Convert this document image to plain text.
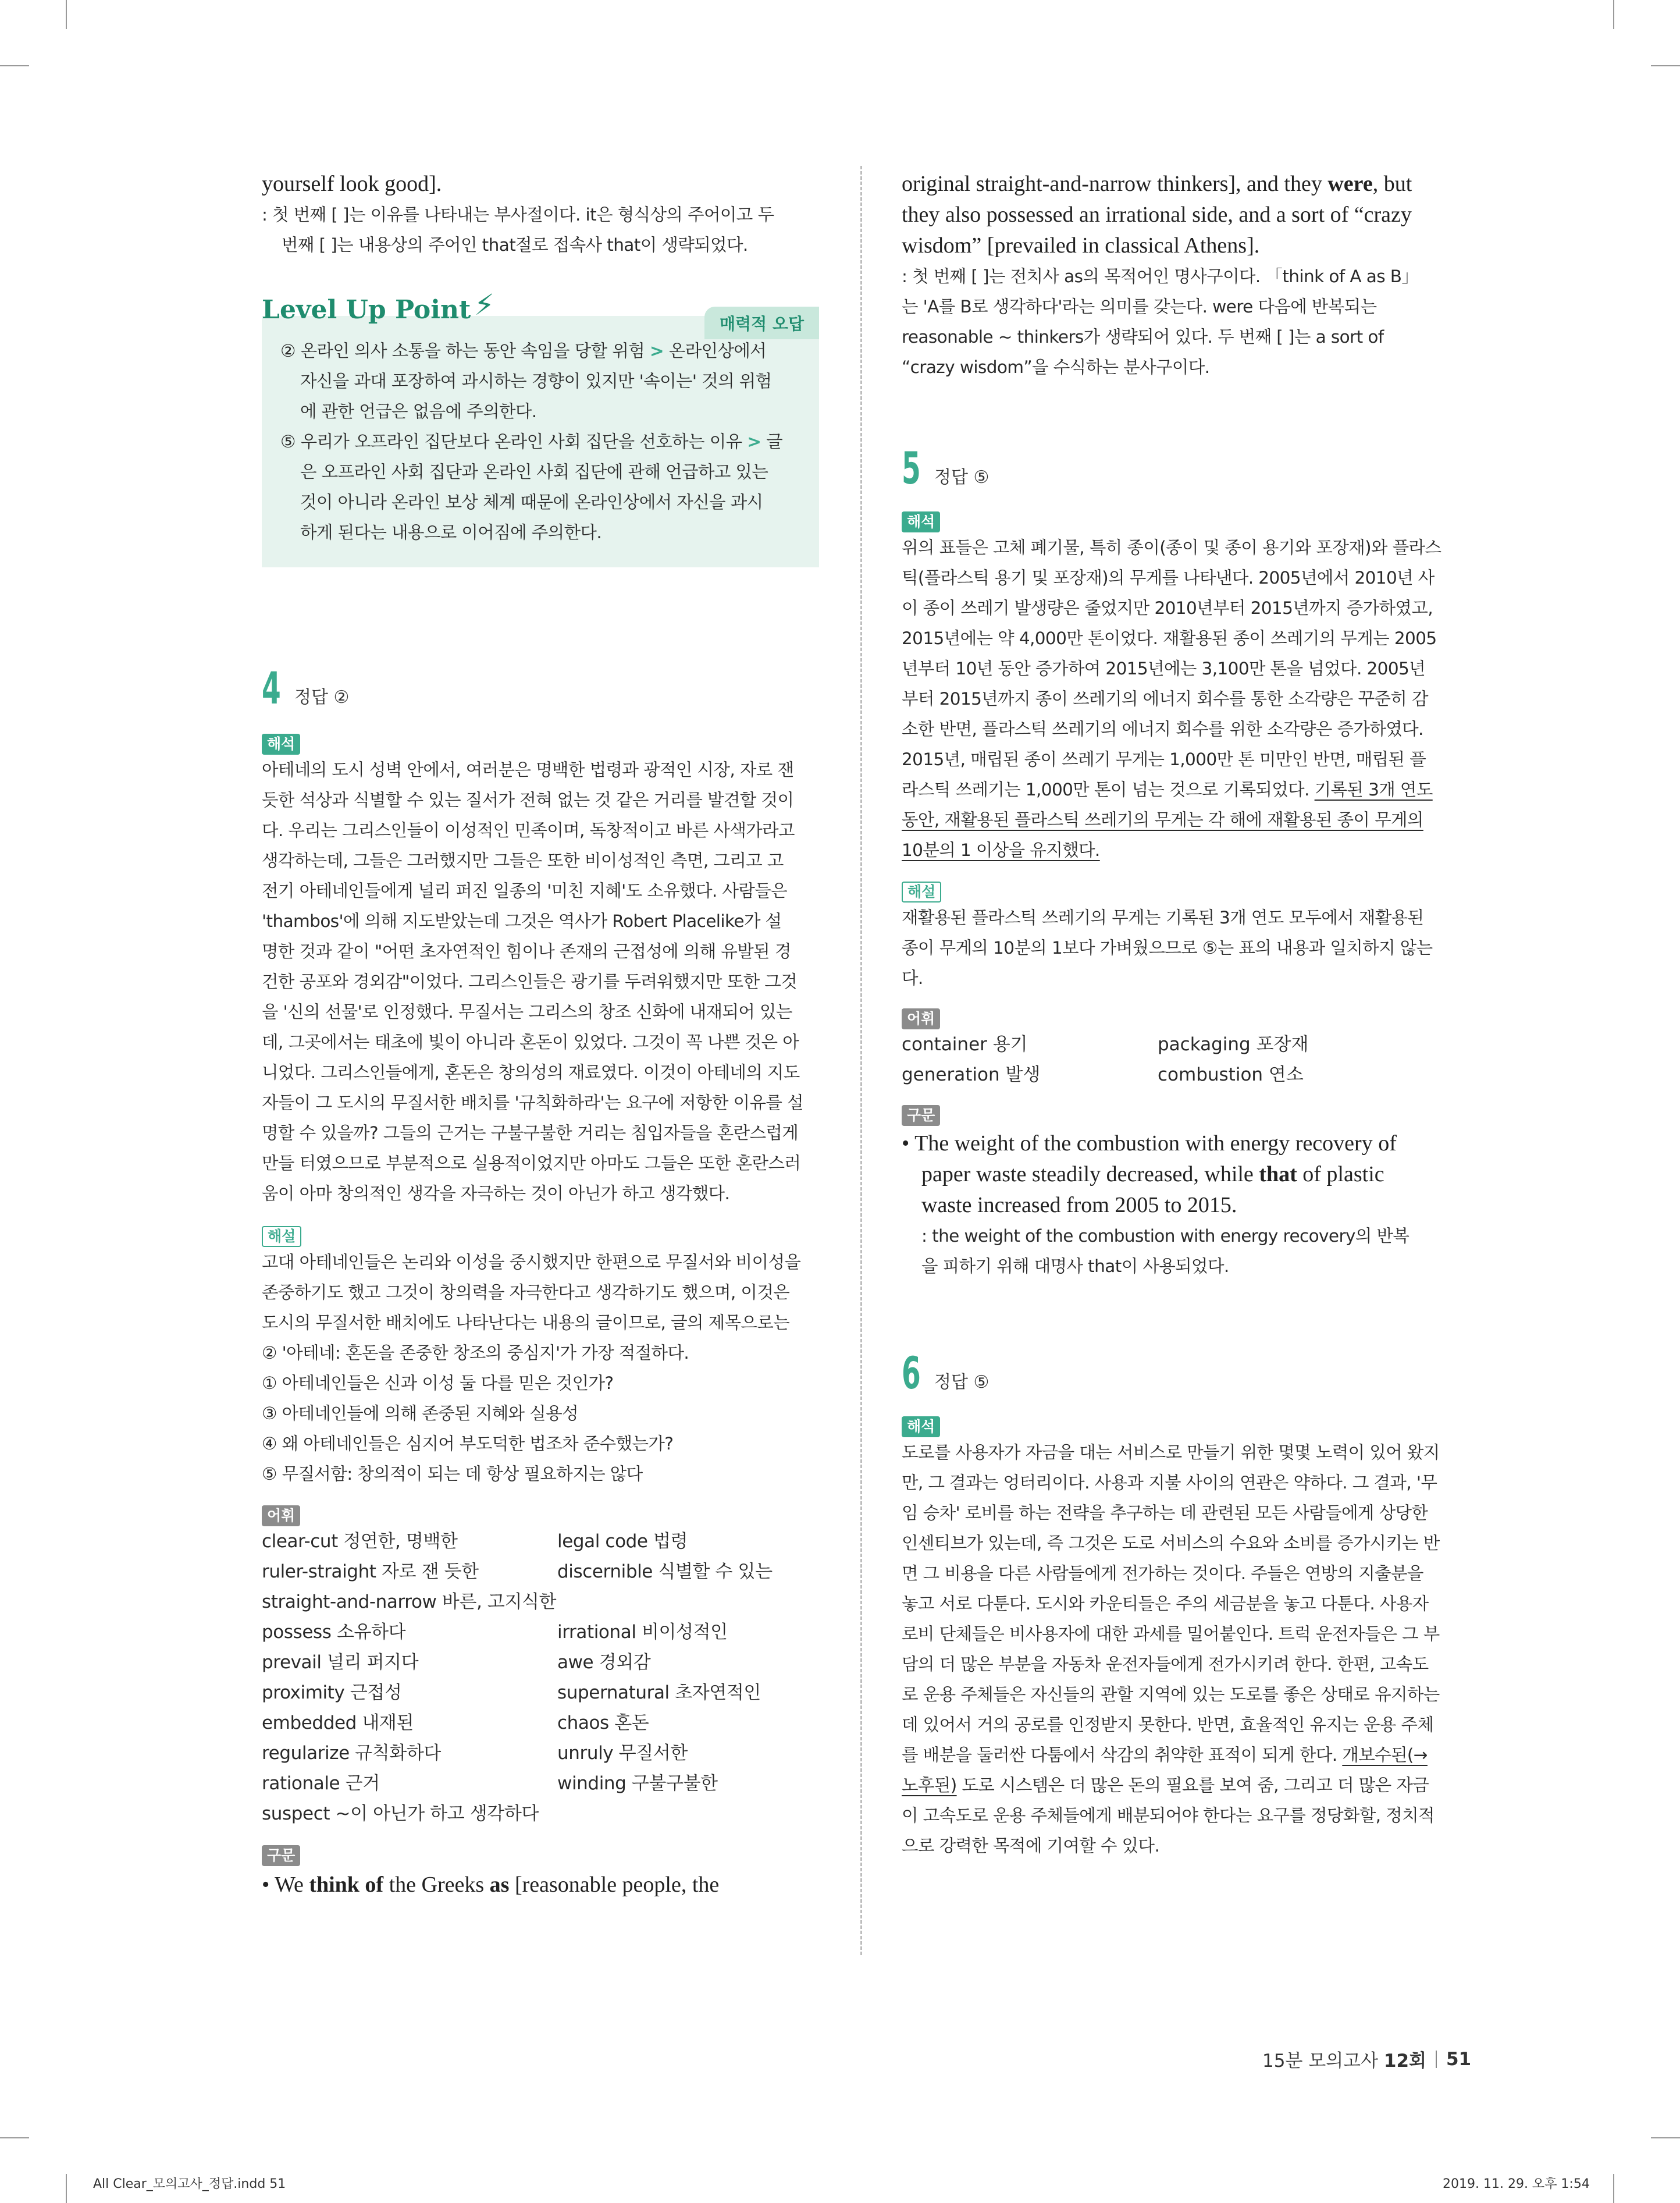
yourself look good].

: 첫 번째 [ ]는 이유를 나타내는 부사절이다. it은 형식상의 주어이고 두

번째 [ ]는 내용상의 주어인 that절로 접속사 that이 생략되었다.

Level Up Point ⚡
매력적 오답
② 온라인 의사 소통을 하는 동안 속임을 당할 위험 > 온라인상에서
자신을 과대 포장하여 과시하는 경향이 있지만 '속이는' 것의 위험
에 관한 언급은 없음에 주의한다.
⑤ 우리가 오프라인 집단보다 온라인 사회 집단을 선호하는 이유 > 글
은 오프라인 사회 집단과 온라인 사회 집단에 관해 언급하고 있는
것이 아니라 온라인 보상 체계 때문에 온라인상에서 자신을 과시
하게 된다는 내용으로 이어짐에 주의한다.
4 정답 ②
해석

아테네의 도시 성벽 안에서, 여러분은 명백한 법령과 광적인 시장, 자로 잰

듯한 석상과 식별할 수 있는 질서가 전혀 없는 것 같은 거리를 발견할 것이

다. 우리는 그리스인들이 이성적인 민족이며, 독창적이고 바른 사색가라고

생각하는데, 그들은 그러했지만 그들은 또한 비이성적인 측면, 그리고 고

전기 아테네인들에게 널리 퍼진 일종의 '미친 지혜'도 소유했다. 사람들은

'thambos'에 의해 지도받았는데 그것은 역사가 Robert Placelike가 설

명한 것과 같이 "어떤 초자연적인 힘이나 존재의 근접성에 의해 유발된 경

건한 공포와 경외감"이었다. 그리스인들은 광기를 두려워했지만 또한 그것

을 '신의 선물'로 인정했다. 무질서는 그리스의 창조 신화에 내재되어 있는

데, 그곳에서는 태초에 빛이 아니라 혼돈이 있었다. 그것이 꼭 나쁜 것은 아

니었다. 그리스인들에게, 혼돈은 창의성의 재료였다. 이것이 아테네의 지도

자들이 그 도시의 무질서한 배치를 '규칙화하라'는 요구에 저항한 이유를 설

명할 수 있을까? 그들의 근거는 구불구불한 거리는 침입자들을 혼란스럽게

만들 터였으므로 부분적으로 실용적이었지만 아마도 그들은 또한 혼란스러

움이 아마 창의적인 생각을 자극하는 것이 아닌가 하고 생각했다.

해설

고대 아테네인들은 논리와 이성을 중시했지만 한편으로 무질서와 비이성을

존중하기도 했고 그것이 창의력을 자극한다고 생각하기도 했으며, 이것은

도시의 무질서한 배치에도 나타난다는 내용의 글이므로, 글의 제목으로는

② '아테네: 혼돈을 존중한 창조의 중심지'가 가장 적절하다.

① 아테네인들은 신과 이성 둘 다를 믿은 것인가?

③ 아테네인들에 의해 존중된 지혜와 실용성

④ 왜 아테네인들은 심지어 부도덕한 법조차 준수했는가?

⑤ 무질서함: 창의적이 되는 데 항상 필요하지는 않다

어휘
clear-cut 정연한, 명백한	legal code 법령
ruler-straight 자로 잰 듯한	discernible 식별할 수 있는
straight-and-narrow 바른, 고지식한
possess 소유하다	irrational 비이성적인
prevail 널리 퍼지다	awe 경외감
proximity 근접성	supernatural 초자연적인
embedded 내재된	chaos 혼돈
regularize 규칙화하다	unruly 무질서한
rationale 근거	winding 구불구불한
suspect ~이 아닌가 하고 생각하다
구문

• We think of the Greeks as [reasonable people, the

original straight-and-narrow thinkers], and they were, but

they also possessed an irrational side, and a sort of “crazy

wisdom” [prevailed in classical Athens].

: 첫 번째 [ ]는 전치사 as의 목적어인 명사구이다. 「think of A as B」

는 'A를 B로 생각하다'라는 의미를 갖는다. were 다음에 반복되는

reasonable ~ thinkers가 생략되어 있다. 두 번째 [ ]는 a sort of

“crazy wisdom”을 수식하는 분사구이다.

5 정답 ⑤
해석

위의 표들은 고체 폐기물, 특히 종이(종이 및 종이 용기와 포장재)와 플라스

틱(플라스틱 용기 및 포장재)의 무게를 나타낸다. 2005년에서 2010년 사

이 종이 쓰레기 발생량은 줄었지만 2010년부터 2015년까지 증가하였고,

2015년에는 약 4,000만 톤이었다. 재활용된 종이 쓰레기의 무게는 2005

년부터 10년 동안 증가하여 2015년에는 3,100만 톤을 넘었다. 2005년

부터 2015년까지 종이 쓰레기의 에너지 회수를 통한 소각량은 꾸준히 감

소한 반면, 플라스틱 쓰레기의 에너지 회수를 위한 소각량은 증가하였다.

2015년, 매립된 종이 쓰레기 무게는 1,000만 톤 미만인 반면, 매립된 플

라스틱 쓰레기는 1,000만 톤이 넘는 것으로 기록되었다. 기록된 3개 연도

동안, 재활용된 플라스틱 쓰레기의 무게는 각 해에 재활용된 종이 무게의

10분의 1 이상을 유지했다.

해설

재활용된 플라스틱 쓰레기의 무게는 기록된 3개 연도 모두에서 재활용된

종이 무게의 10분의 1보다 가벼웠으므로 ⑤는 표의 내용과 일치하지 않는

다.

어휘
container 용기	packaging 포장재
generation 발생	combustion 연소
구문

• The weight of the combustion with energy recovery of

paper waste steadily decreased, while that of plastic

waste increased from 2005 to 2015.

: the weight of the combustion with energy recovery의 반복

을 피하기 위해 대명사 that이 사용되었다.

6 정답 ⑤
해석

도로를 사용자가 자금을 대는 서비스로 만들기 위한 몇몇 노력이 있어 왔지

만, 그 결과는 엉터리이다. 사용과 지불 사이의 연관은 약하다. 그 결과, '무

임 승차' 로비를 하는 전략을 추구하는 데 관련된 모든 사람들에게 상당한

인센티브가 있는데, 즉 그것은 도로 서비스의 수요와 소비를 증가시키는 반

면 그 비용을 다른 사람들에게 전가하는 것이다. 주들은 연방의 지출분을

놓고 서로 다툰다. 도시와 카운티들은 주의 세금분을 놓고 다툰다. 사용자

로비 단체들은 비사용자에 대한 과세를 밀어붙인다. 트럭 운전자들은 그 부

담의 더 많은 부분을 자동차 운전자들에게 전가시키려 한다. 한편, 고속도

로 운용 주체들은 자신들의 관할 지역에 있는 도로를 좋은 상태로 유지하는

데 있어서 거의 공로를 인정받지 못한다. 반면, 효율적인 유지는 운용 주체

를 배분을 둘러싼 다툼에서 삭감의 취약한 표적이 되게 한다. 개보수된(→

노후된) 도로 시스템은 더 많은 돈의 필요를 보여 줌, 그리고 더 많은 자금

이 고속도로 운용 주체들에게 배분되어야 한다는 요구를 정당화할, 정치적

으로 강력한 목적에 기여할 수 있다.

15분 모의고사
12회 51
All Clear_모의고사_정답.indd 51	2019. 11. 29. 오후 1:54
